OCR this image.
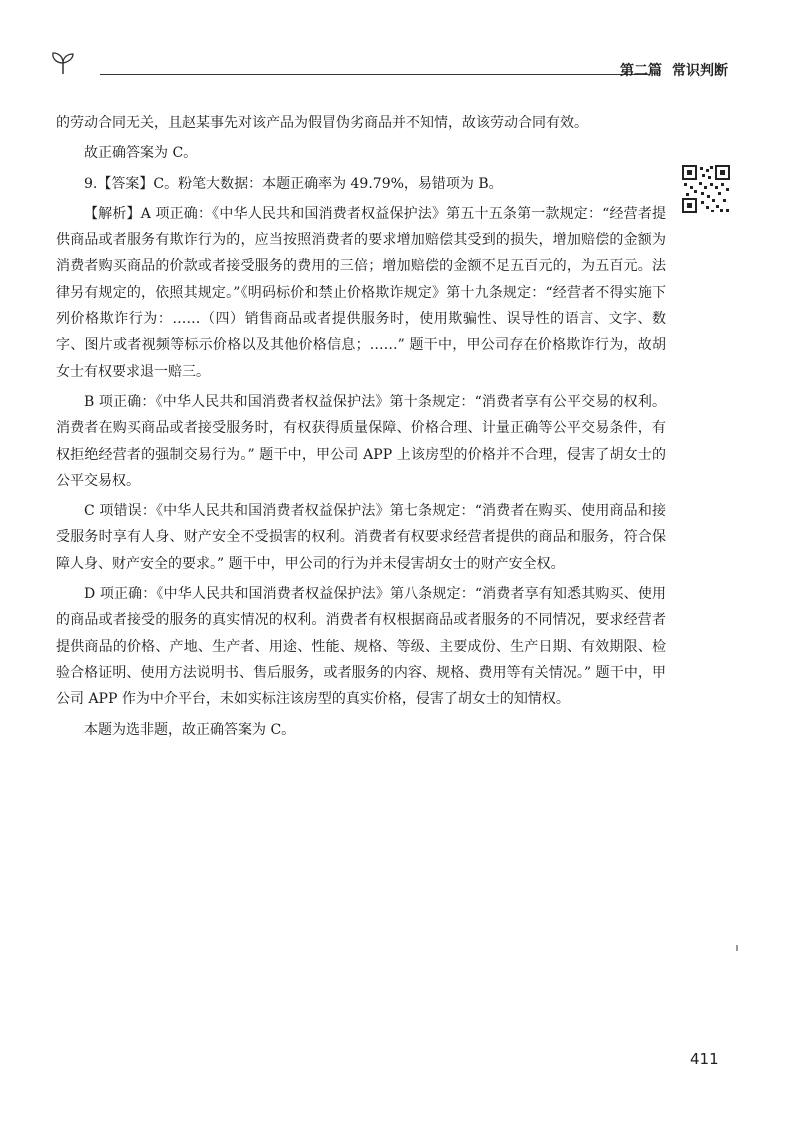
第二篇 常识判断

的劳动合同无关，且赵某事先对该产品为假冒伪劣商品并不知情，故该劳动合同有效。

故正确答案为 C。

9.【答案】C。粉笔大数据：本题正确率为 49.79%，易错项为 B。

【解析】A 项正确：《中华人民共和国消费者权益保护法》第五十五条第一款规定：“经营者提供商品或者服务有欺诈行为的，应当按照消费者的要求增加赔偿其受到的损失，增加赔偿的金额为消费者购买商品的价款或者接受服务的费用的三倍；增加赔偿的金额不足五百元的，为五百元。法律另有规定的，依照其规定。”《明码标价和禁止价格欺诈规定》第十九条规定：“经营者不得实施下列价格欺诈行为：……（四）销售商品或者提供服务时，使用欺骗性、误导性的语言、文字、数字、图片或者视频等标示价格以及其他价格信息；……” 题干中，甲公司存在价格欺诈行为，故胡女士有权要求退一赔三。

B 项正确：《中华人民共和国消费者权益保护法》第十条规定：“消费者享有公平交易的权利。消费者在购买商品或者接受服务时，有权获得质量保障、价格合理、计量正确等公平交易条件，有权拒绝经营者的强制交易行为。” 题干中，甲公司 APP 上该房型的价格并不合理，侵害了胡女士的公平交易权。

C 项错误：《中华人民共和国消费者权益保护法》第七条规定：“消费者在购买、使用商品和接受服务时享有人身、财产安全不受损害的权利。消费者有权要求经营者提供的商品和服务，符合保障人身、财产安全的要求。” 题干中，甲公司的行为并未侵害胡女士的财产安全权。

D 项正确：《中华人民共和国消费者权益保护法》第八条规定：“消费者享有知悉其购买、使用的商品或者接受的服务的真实情况的权利。消费者有权根据商品或者服务的不同情况，要求经营者提供商品的价格、产地、生产者、用途、性能、规格、等级、主要成份、生产日期、有效期限、检验合格证明、使用方法说明书、售后服务，或者服务的内容、规格、费用等有关情况。” 题干中，甲公司 APP 作为中介平台，未如实标注该房型的真实价格，侵害了胡女士的知情权。

本题为选非题，故正确答案为 C。

411
